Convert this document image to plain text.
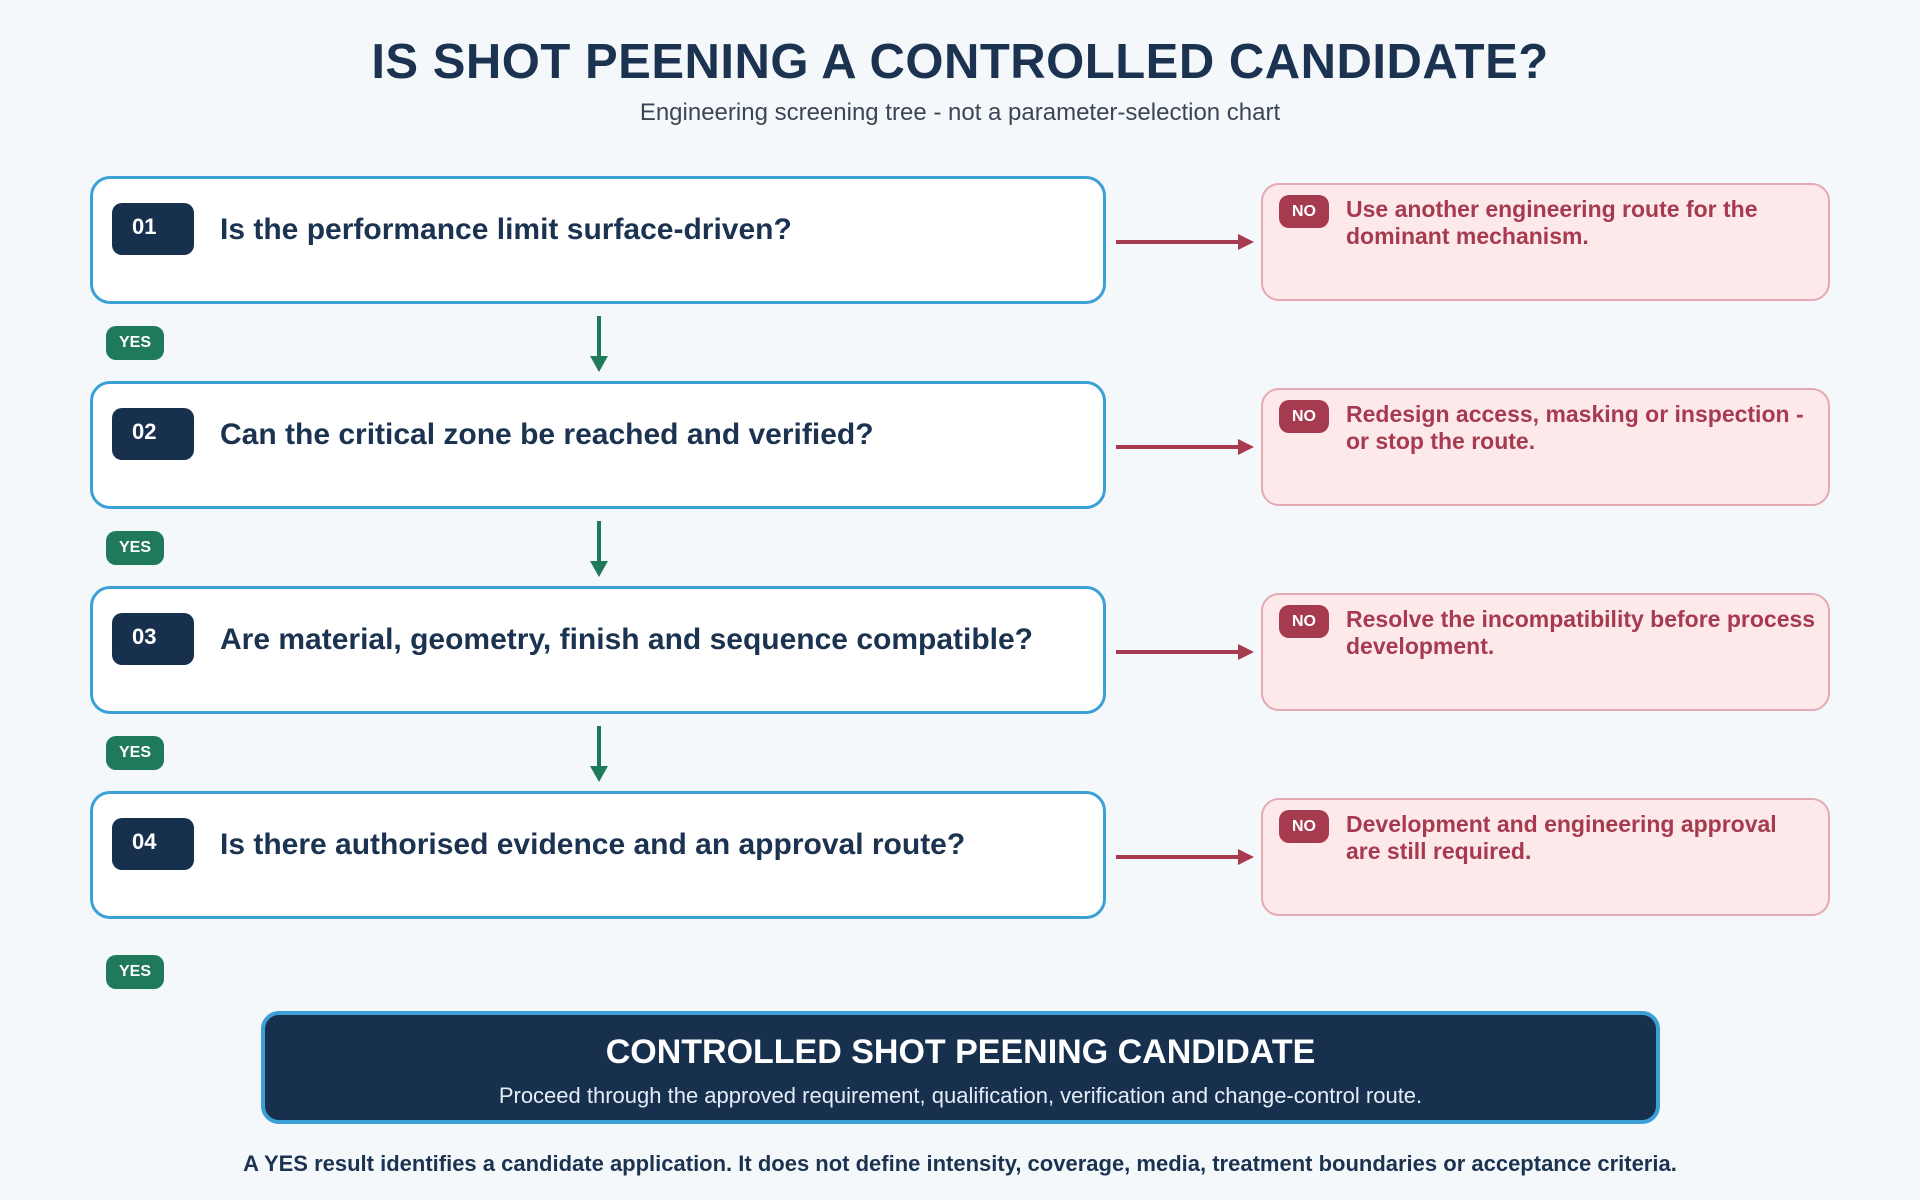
IS SHOT PEENING A CONTROLLED CANDIDATE?
Engineering screening tree - not a parameter-selection chart
01	Is the performance limit surface-driven?
NO	Use another engineering route for the dominant mechanism.
YES
02	Can the critical zone be reached and verified?
NO	Redesign access, masking or inspection - or stop the route.
YES
03	Are material, geometry, finish and sequence compatible?
NO	Resolve the incompatibility before process development.
YES
04	Is there authorised evidence and an approval route?
NO	Development and engineering approval are still required.
YES
CONTROLLED SHOT PEENING CANDIDATE
Proceed through the approved requirement, qualification, verification and change-control route.
A YES result identifies a candidate application. It does not define intensity, coverage, media, treatment boundaries or acceptance criteria.
